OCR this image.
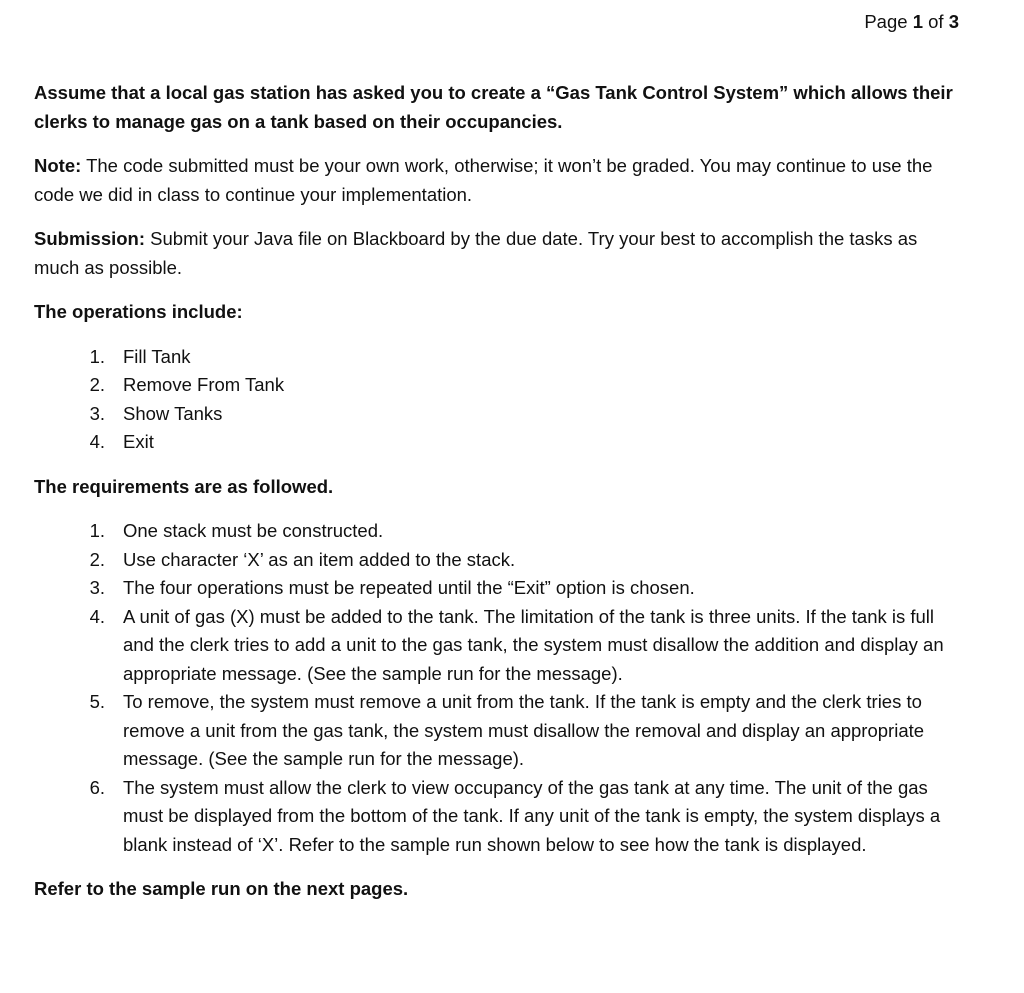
Page 1 of 3

Assume that a local gas station has asked you to create a “Gas Tank Control System” which allows their clerks to manage gas on a tank based on their occupancies.

Note: The code submitted must be your own work, otherwise; it won’t be graded. You may continue to use the code we did in class to continue your implementation.

Submission: Submit your Java file on Blackboard by the due date. Try your best to accomplish the tasks as much as possible.

The operations include:

1. Fill Tank
2. Remove From Tank
3. Show Tanks
4. Exit

The requirements are as followed.

1. One stack must be constructed.
2. Use character ‘X’ as an item added to the stack.
3. The four operations must be repeated until the “Exit” option is chosen.
4. A unit of gas (X) must be added to the tank. The limitation of the tank is three units. If the tank is full and the clerk tries to add a unit to the gas tank, the system must disallow the addition and display an appropriate message. (See the sample run for the message).
5. To remove, the system must remove a unit from the tank. If the tank is empty and the clerk tries to remove a unit from the gas tank, the system must disallow the removal and display an appropriate message. (See the sample run for the message).
6. The system must allow the clerk to view occupancy of the gas tank at any time. The unit of the gas must be displayed from the bottom of the tank. If any unit of the tank is empty, the system displays a blank instead of ‘X’. Refer to the sample run shown below to see how the tank is displayed.

Refer to the sample run on the next pages.
